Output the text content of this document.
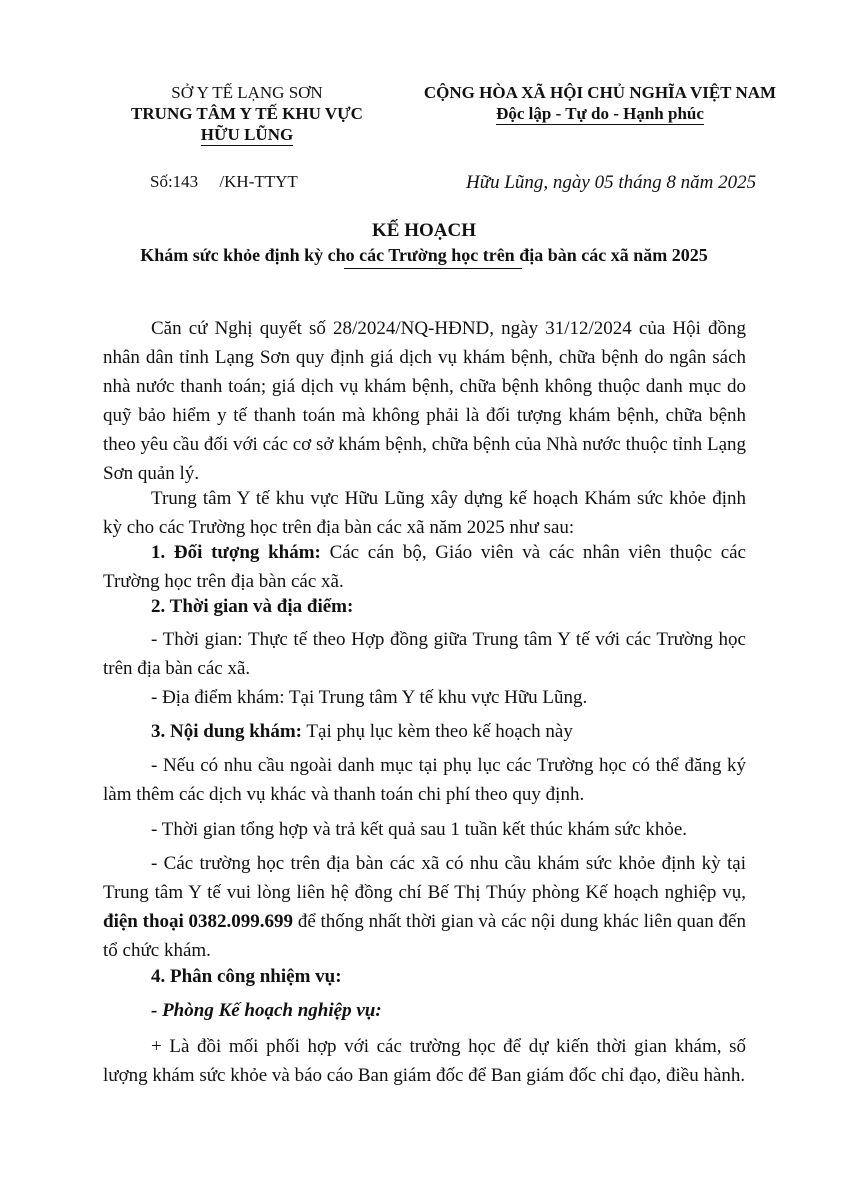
SỞ Y TẾ LẠNG SƠN
TRUNG TÂM Y TẾ KHU VỰC
HỮU LŨNG
CỘNG HÒA XÃ HỘI CHỦ NGHĨA VIỆT NAM
Độc lập - Tự do - Hạnh phúc
Số:143     /KH-TTYT	Hữu Lũng, ngày 05 tháng 8 năm 2025
KẾ HOẠCH
Khám sức khỏe định kỳ cho các Trường học trên địa bàn các xã năm 2025
Căn cứ Nghị quyết số 28/2024/NQ-HĐND, ngày 31/12/2024 của Hội đồng nhân dân tỉnh Lạng Sơn quy định giá dịch vụ khám bệnh, chữa bệnh do ngân sách nhà nước thanh toán; giá dịch vụ khám bệnh, chữa bệnh không thuộc danh mục do quỹ bảo hiểm y tế thanh toán mà không phải là đối tượng khám bệnh, chữa bệnh theo yêu cầu đối với các cơ sở khám bệnh, chữa bệnh của Nhà nước thuộc tỉnh Lạng Sơn quản lý.
Trung tâm Y tế khu vực Hữu Lũng xây dựng kế hoạch Khám sức khỏe định kỳ cho các Trường học trên địa bàn các xã năm 2025 như sau:
1. Đối tượng khám: Các cán bộ, Giáo viên và các nhân viên thuộc các Trường học trên địa bàn các xã.
2. Thời gian và địa điểm:
- Thời gian: Thực tế theo Hợp đồng giữa Trung tâm Y tế với các Trường học trên địa bàn các xã.
- Địa điểm khám: Tại Trung tâm Y tế khu vực Hữu Lũng.
3. Nội dung khám: Tại phụ lục kèm theo kế hoạch này
- Nếu có nhu cầu ngoài danh mục tại phụ lục các Trường học có thể đăng ký làm thêm các dịch vụ khác và thanh toán chi phí theo quy định.
- Thời gian tổng hợp và trả kết quả sau 1 tuần kết thúc khám sức khỏe.
- Các trường học trên địa bàn các xã có nhu cầu khám sức khỏe định kỳ tại Trung tâm Y tế vui lòng liên hệ đồng chí Bế Thị Thúy phòng Kế hoạch nghiệp vụ, điện thoại 0382.099.699 để thống nhất thời gian và các nội dung khác liên quan đến tổ chức khám.
4. Phân công nhiệm vụ:
- Phòng Kế hoạch nghiệp vụ:
+ Là đồi mối phối hợp với các trường học để dự kiến thời gian khám, số lượng khám sức khỏe và báo cáo Ban giám đốc để Ban giám đốc chỉ đạo, điều hành.
